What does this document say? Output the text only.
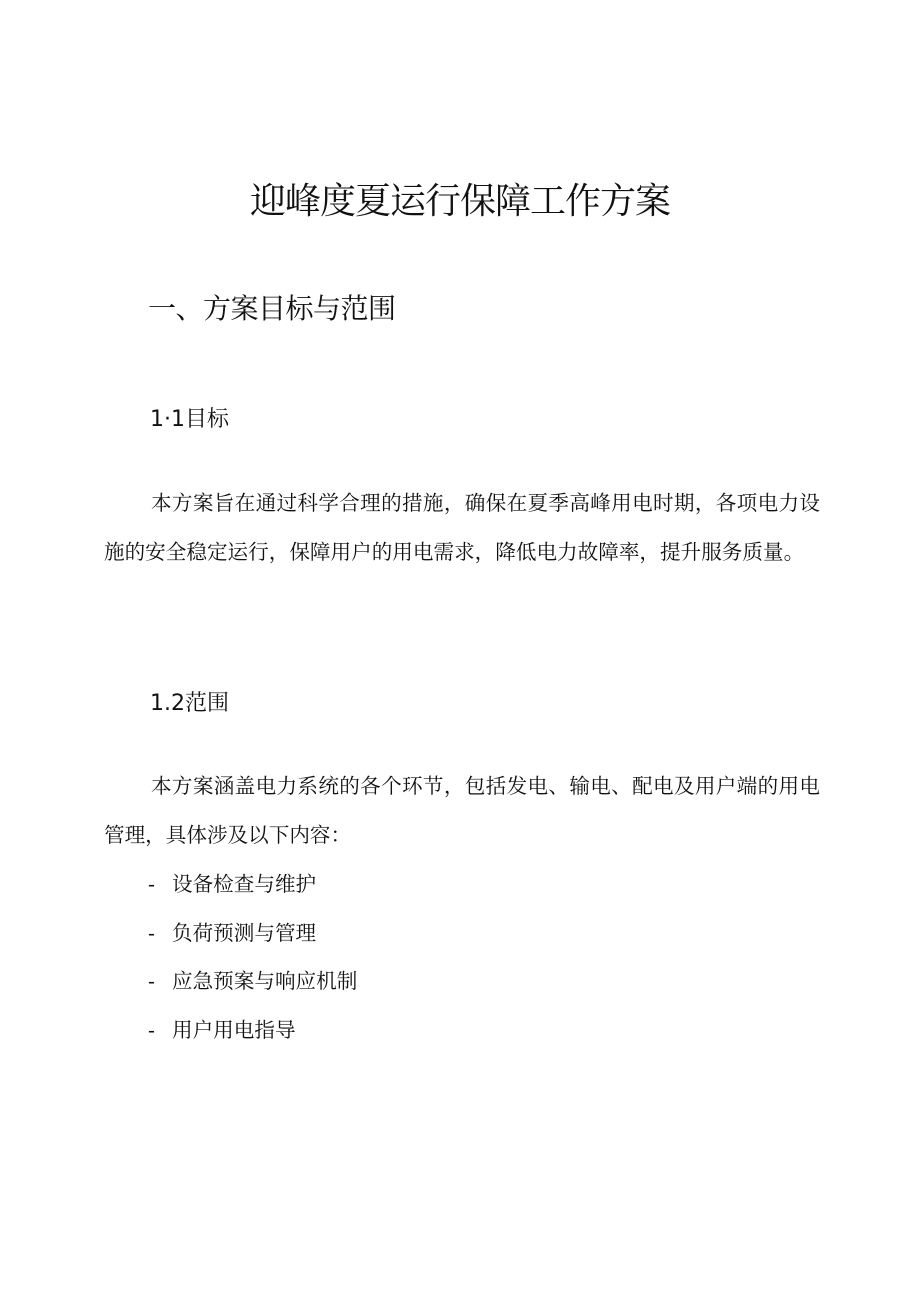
迎峰度夏运行保障工作方案
一、方案目标与范围
1·1目标

本方案旨在通过科学合理的措施，确保在夏季高峰用电时期，各项电力设施的安全稳定运行，保障用户的用电需求，降低电力故障率，提升服务质量。

1.2范围

本方案涵盖电力系统的各个环节，包括发电、输电、配电及用户端的用电管理，具体涉及以下内容：

- 设备检查与维护
- 负荷预测与管理
- 应急预案与响应机制
- 用户用电指导
